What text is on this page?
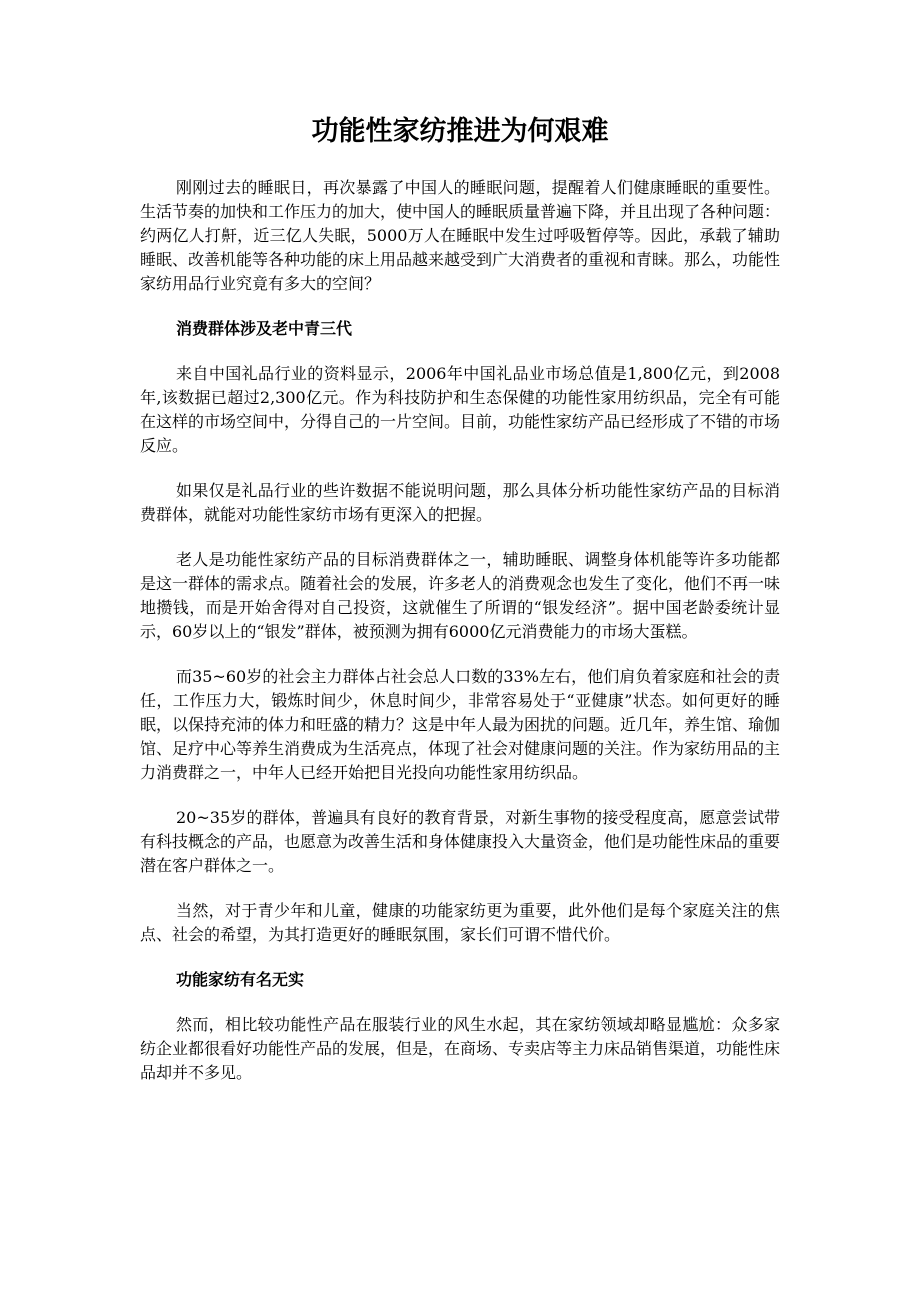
功能性家纺推进为何艰难

刚刚过去的睡眠日，再次暴露了中国人的睡眠问题，提醒着人们健康睡眠的重要性。生活节奏的加快和工作压力的加大，使中国人的睡眠质量普遍下降，并且出现了各种问题：约两亿人打鼾，近三亿人失眠，5000万人在睡眠中发生过呼吸暂停等。因此，承载了辅助睡眠、改善机能等各种功能的床上用品越来越受到广大消费者的重视和青睐。那么，功能性家纺用品行业究竟有多大的空间？

消费群体涉及老中青三代

来自中国礼品行业的资料显示，2006年中国礼品业市场总值是1,800亿元，到2008年,该数据已超过2,300亿元。作为科技防护和生态保健的功能性家用纺织品，完全有可能在这样的市场空间中，分得自己的一片空间。目前，功能性家纺产品已经形成了不错的市场反应。

如果仅是礼品行业的些许数据不能说明问题，那么具体分析功能性家纺产品的目标消费群体，就能对功能性家纺市场有更深入的把握。

老人是功能性家纺产品的目标消费群体之一，辅助睡眠、调整身体机能等许多功能都是这一群体的需求点。随着社会的发展，许多老人的消费观念也发生了变化，他们不再一味地攒钱，而是开始舍得对自己投资，这就催生了所谓的“银发经济”。据中国老龄委统计显示，60岁以上的“银发”群体，被预测为拥有6000亿元消费能力的市场大蛋糕。

而35~60岁的社会主力群体占社会总人口数的33%左右，他们肩负着家庭和社会的责任，工作压力大，锻炼时间少，休息时间少，非常容易处于“亚健康”状态。如何更好的睡眠，以保持充沛的体力和旺盛的精力？这是中年人最为困扰的问题。近几年，养生馆、瑜伽馆、足疗中心等养生消费成为生活亮点，体现了社会对健康问题的关注。作为家纺用品的主力消费群之一，中年人已经开始把目光投向功能性家用纺织品。

20~35岁的群体，普遍具有良好的教育背景，对新生事物的接受程度高，愿意尝试带有科技概念的产品，也愿意为改善生活和身体健康投入大量资金，他们是功能性床品的重要潜在客户群体之一。

当然，对于青少年和儿童，健康的功能家纺更为重要，此外他们是每个家庭关注的焦点、社会的希望，为其打造更好的睡眠氛围，家长们可谓不惜代价。

功能家纺有名无实

然而，相比较功能性产品在服装行业的风生水起，其在家纺领域却略显尴尬：众多家纺企业都很看好功能性产品的发展，但是，在商场、专卖店等主力床品销售渠道，功能性床品却并不多见。
